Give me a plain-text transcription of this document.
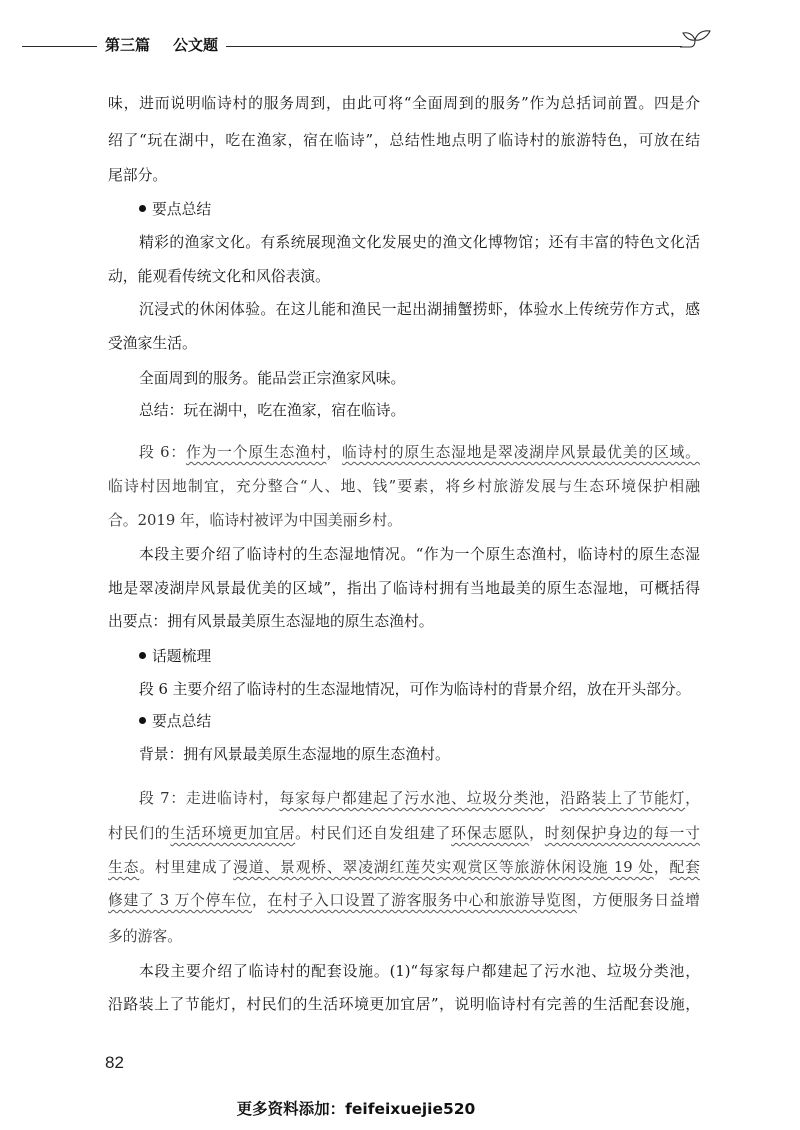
第三篇 公文题
味，进而说明临诗村的服务周到，由此可将“全面周到的服务”作为总括词前置。四是介
绍了“玩在湖中，吃在渔家，宿在临诗”，总结性地点明了临诗村的旅游特色，可放在结
尾部分。
要点总结
精彩的渔家文化。有系统展现渔文化发展史的渔文化博物馆；还有丰富的特色文化活
动，能观看传统文化和风俗表演。
沉浸式的休闲体验。在这儿能和渔民一起出湖捕蟹捞虾，体验水上传统劳作方式，感
受渔家生活。
全面周到的服务。能品尝正宗渔家风味。
总结：玩在湖中，吃在渔家，宿在临诗。
段 6：作为一个原生态渔村，临诗村的原生态湿地是翠凌湖岸风景最优美的区域。
临诗村因地制宜，充分整合“人、地、钱”要素，将乡村旅游发展与生态环境保护相融
合。2019 年，临诗村被评为中国美丽乡村。
本段主要介绍了临诗村的生态湿地情况。“作为一个原生态渔村，临诗村的原生态湿
地是翠凌湖岸风景最优美的区域”，指出了临诗村拥有当地最美的原生态湿地，可概括得
出要点：拥有风景最美原生态湿地的原生态渔村。
话题梳理
段 6 主要介绍了临诗村的生态湿地情况，可作为临诗村的背景介绍，放在开头部分。
要点总结
背景：拥有风景最美原生态湿地的原生态渔村。
段 7：走进临诗村，每家每户都建起了污水池、垃圾分类池，沿路装上了节能灯，
村民们的生活环境更加宜居。村民们还自发组建了环保志愿队，时刻保护身边的每一寸
生态。村里建成了漫道、景观桥、翠凌湖红莲芡实观赏区等旅游休闲设施 19 处，配套
修建了 3 万个停车位，在村子入口设置了游客服务中心和旅游导览图，方便服务日益增
多的游客。
本段主要介绍了临诗村的配套设施。(1)“每家每户都建起了污水池、垃圾分类池，
沿路装上了节能灯，村民们的生活环境更加宜居”，说明临诗村有完善的生活配套设施，
82
更多资料添加：feifeixuejie520
